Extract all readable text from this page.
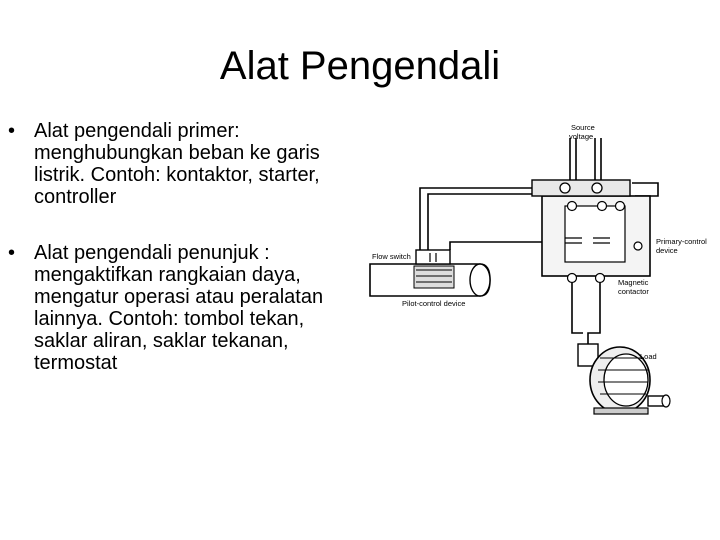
Alat Pengendali
• Alat pengendali primer: menghubungkan beban ke garis listrik. Contoh: kontaktor, starter, controller
• Alat pengendali penunjuk : mengaktifkan rangkaian daya, mengatur operasi atau peralatan lainnya. Contoh: tombol tekan, saklar aliran, saklar tekanan, termostat
Source
voltage
Flow switch
Pilot-control device
Primary-control
device
Magnetic
contactor
Load
